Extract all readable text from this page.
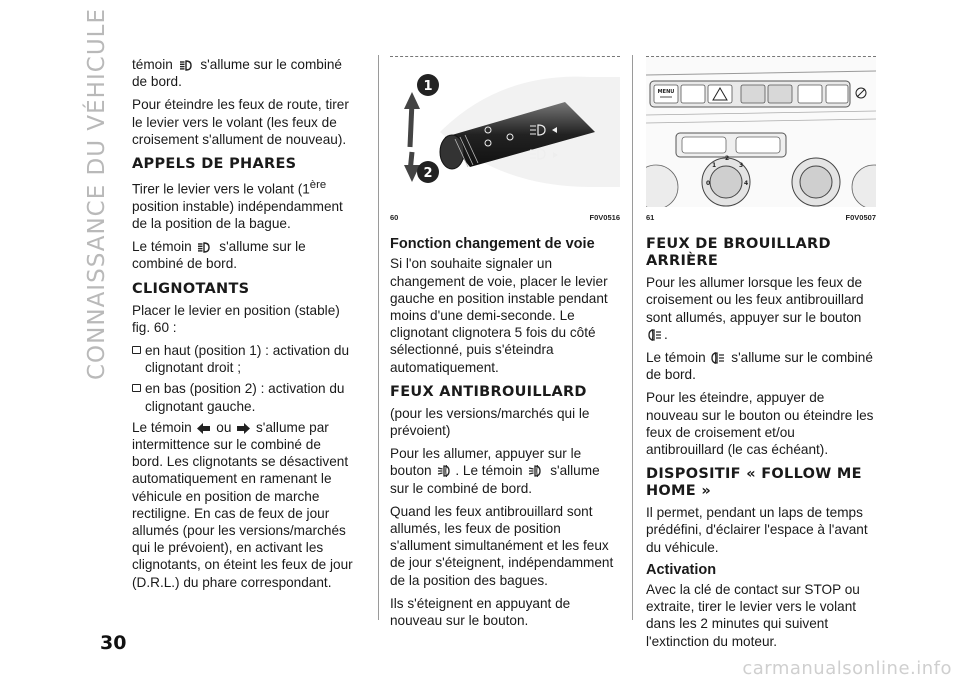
CONNAISSANCE DU VÉHICULE témoin s'allume sur le combiné de bord.

Pour éteindre les feux de route, tirer le levier vers le volant (les feux de croisement s'allument de nouveau).

APPELS DE PHARES

Tirer le levier vers le volant (1ère position instable) indépendamment de la position de la bague.

Le témoin s'allume sur le combiné de bord.

CLIGNOTANTS

Placer le levier en position (stable) fig. 60 :

en haut (position 1) : activation du clignotant droit ;
en bas (position 2) : activation du clignotant gauche.

Le témoin ou s'allume par intermittence sur le combiné de bord. Les clignotants se désactivent automatiquement en ramenant le véhicule en position de marche rectiligne. En cas de feux de jour allumés (pour les versions/marchés qui le prévoient), en activant les clignotants, on éteint les feux de jour (D.R.L.) du phare correspondant.

1
2
60	F0V0516
Fonction changement de voie

Si l'on souhaite signaler un changement de voie, placer le levier gauche en position instable pendant moins d'une demi-seconde. Le clignotant clignotera 5 fois du côté sélectionné, puis s'éteindra automatiquement.

FEUX ANTIBROUILLARD

(pour les versions/marchés qui le prévoient)

Pour les allumer, appuyer sur le bouton . Le témoin s'allume sur le combiné de bord.

Quand les feux antibrouillard sont allumés, les feux de position s'allument simultanément et les feux de jour s'éteignent, indépendamment de la position des bagues.

Ils s'éteignent en appuyant de nouveau sur le bouton.

MENU
0
1
2
3
4
61	F0V0507
FEUX DE BROUILLARD ARRIÈRE

Pour les allumer lorsque les feux de croisement ou les feux antibrouillard sont allumés, appuyer sur le bouton .

Le témoin s'allume sur le combiné de bord.

Pour les éteindre, appuyer de nouveau sur le bouton ou éteindre les feux de croisement et/ou antibrouillard (le cas échéant).

DISPOSITIF « FOLLOW ME HOME »

Il permet, pendant un laps de temps prédéfini, d'éclairer l'espace à l'avant du véhicule.

Activation

Avec la clé de contact sur STOP ou extraite, tirer le levier vers le volant dans les 2 minutes qui suivent l'extinction du moteur.

30
carmanualsonline.info
